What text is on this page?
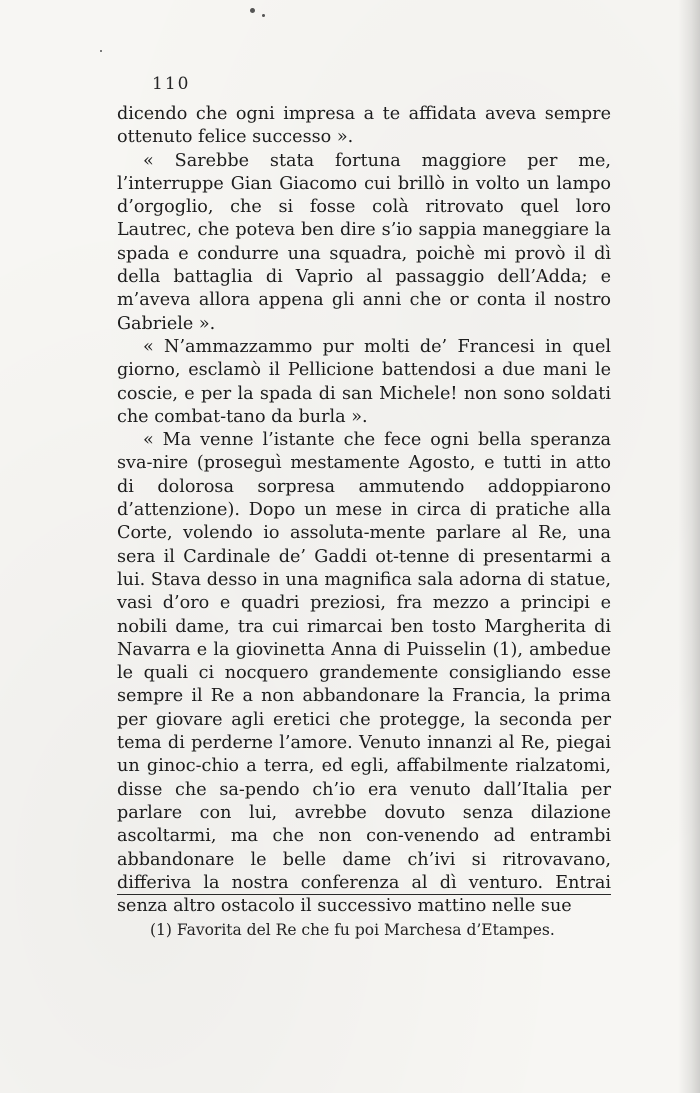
110

dicendo che ogni impresa a te affidata aveva sempre ottenuto felice successo ».

« Sarebbe stata fortuna maggiore per me, l’interruppe Gian Giacomo cui brillò in volto un lampo d’orgoglio, che si fosse colà ritrovato quel loro Lautrec, che poteva ben dire s’io sappia maneggiare la spada e condurre una squadra, poichè mi provò il dì della battaglia di Vaprio al passaggio dell’Adda; e m’aveva allora appena gli anni che or conta il nostro Gabriele ».

« N’ammazzammo pur molti de’ Francesi in quel giorno, esclamò il Pellicione battendosi a due mani le coscie, e per la spada di san Michele! non sono soldati che combat-tano da burla ».

« Ma venne l’istante che fece ogni bella speranza sva-nire (proseguì mestamente Agosto, e tutti in atto di dolorosa sorpresa ammutendo addoppiarono d’attenzione). Dopo un mese in circa di pratiche alla Corte, volendo io assoluta-mente parlare al Re, una sera il Cardinale de’ Gaddi ot-tenne di presentarmi a lui. Stava desso in una magnifica sala adorna di statue, vasi d’oro e quadri preziosi, fra mezzo a principi e nobili dame, tra cui rimarcai ben tosto Margherita di Navarra e la giovinetta Anna di Puisselin (1), ambedue le quali ci nocquero grandemente consigliando esse sempre il Re a non abbandonare la Francia, la prima per giovare agli eretici che protegge, la seconda per tema di perderne l’amore. Venuto innanzi al Re, piegai un ginoc-chio a terra, ed egli, affabilmente rialzatomi, disse che sa-pendo ch’io era venuto dall’Italia per parlare con lui, avrebbe dovuto senza dilazione ascoltarmi, ma che non con-venendo ad entrambi abbandonare le belle dame ch’ivi si ritrovavano, differiva la nostra conferenza al dì venturo. Entrai senza altro ostacolo il successivo mattino nelle sue

(1) Favorita del Re che fu poi Marchesa d’Etampes.
